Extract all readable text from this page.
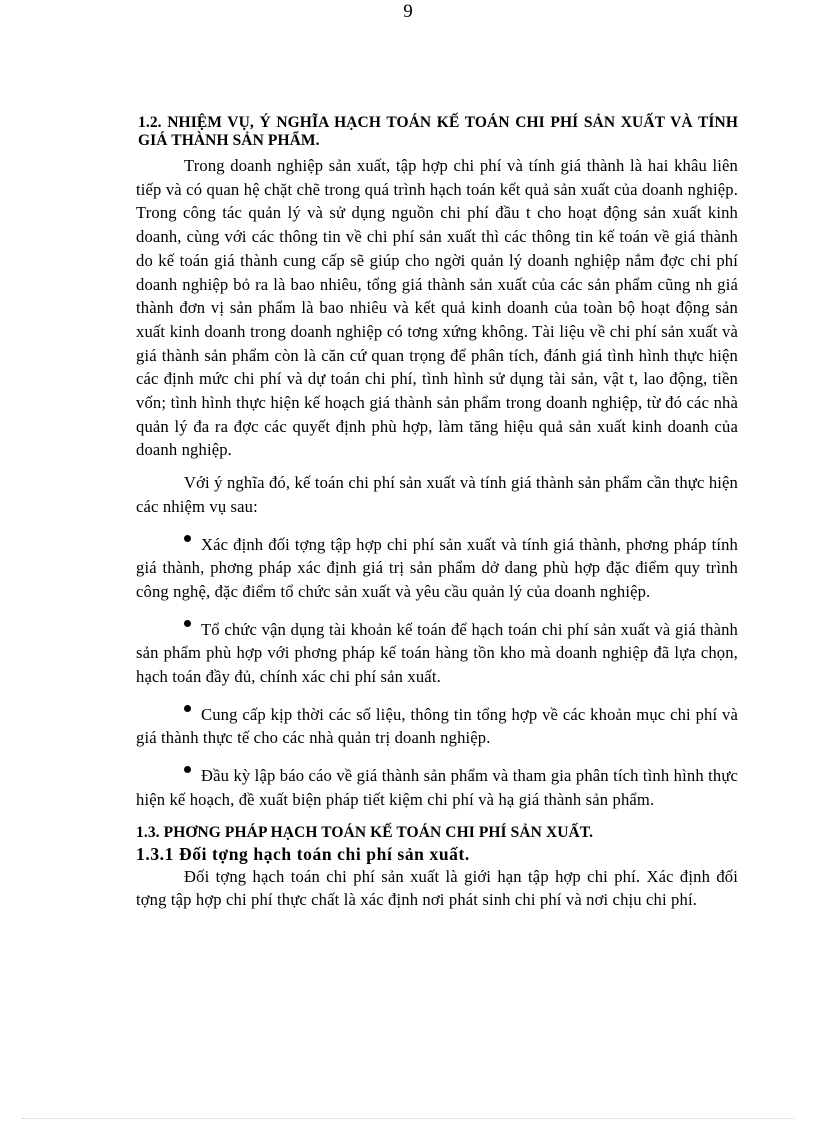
9
1.2. NHIỆM VỤ, Ý NGHĨA HẠCH TOÁN KẾ TOÁN CHI PHÍ SẢN XUẤT VÀ TÍNH GIÁ THÀNH SẢN PHẨM.

Trong doanh nghiệp sản xuất, tập hợp chi phí và tính giá thành là hai khâu liên tiếp và có quan hệ chặt chẽ trong quá trình hạch toán kết quả sản xuất của doanh nghiệp. Trong công tác quản lý và sử dụng nguồn chi phí đầu t cho hoạt động sản xuất kinh doanh, cùng với các thông tin về chi phí sản xuất thì các thông tin kế toán về giá thành do kế toán giá thành cung cấp sẽ giúp cho ngời quản lý doanh nghiệp nắm đợc chi phí doanh nghiệp bỏ ra là bao nhiêu, tổng giá thành sản xuất của các sản phẩm cũng nh giá thành đơn vị sản phẩm là bao nhiêu và kết quả kinh doanh của toàn bộ hoạt động sản xuất kinh doanh trong doanh nghiệp có tơng xứng không. Tài liệu về chi phí sản xuất và giá thành sản phẩm còn là căn cứ quan trọng để phân tích, đánh giá tình hình thực hiện các định mức chi phí và dự toán chi phí, tình hình sử dụng tài sản, vật t, lao động, tiền vốn; tình hình thực hiện kế hoạch giá thành sản phẩm trong doanh nghiệp, từ đó các nhà quản lý đa ra đợc các quyết định phù hợp, làm tăng hiệu quả sản xuất kinh doanh của doanh nghiệp.

Với ý nghĩa đó, kế toán chi phí sản xuất và tính giá thành sản phẩm cần thực hiện các nhiệm vụ sau:

Xác định đối tợng tập hợp chi phí sản xuất và tính giá thành, phơng pháp tính giá thành, phơng pháp xác định giá trị sản phẩm dở dang phù hợp đặc điểm quy trình công nghệ, đặc điểm tổ chức sản xuất và yêu cầu quản lý của doanh nghiệp.

Tổ chức vận dụng tài khoản kế toán để hạch toán chi phí sản xuất và giá thành sản phẩm phù hợp với phơng pháp kế toán hàng tồn kho mà doanh nghiệp đã lựa chọn, hạch toán đầy đủ, chính xác chi phí sản xuất.

Cung cấp kịp thời các số liệu, thông tin tổng hợp về các khoản mục chi phí và giá thành thực tế cho các nhà quản trị doanh nghiệp.

Đầu kỳ lập báo cáo về giá thành sản phẩm và tham gia phân tích tình hình thực hiện kế hoạch, đề xuất biện pháp tiết kiệm chi phí và hạ giá thành sản phẩm.

1.3. PHƠNG PHÁP HẠCH TOÁN KẾ TOÁN CHI PHÍ SẢN XUẤT.
1.3.1 Đối tợng hạch toán chi phí sản xuất.

Đối tợng hạch toán chi phí sản xuất là giới hạn tập hợp chi phí. Xác định đối tợng tập hợp chi phí thực chất là xác định nơi phát sinh chi phí và nơi chịu chi phí.
